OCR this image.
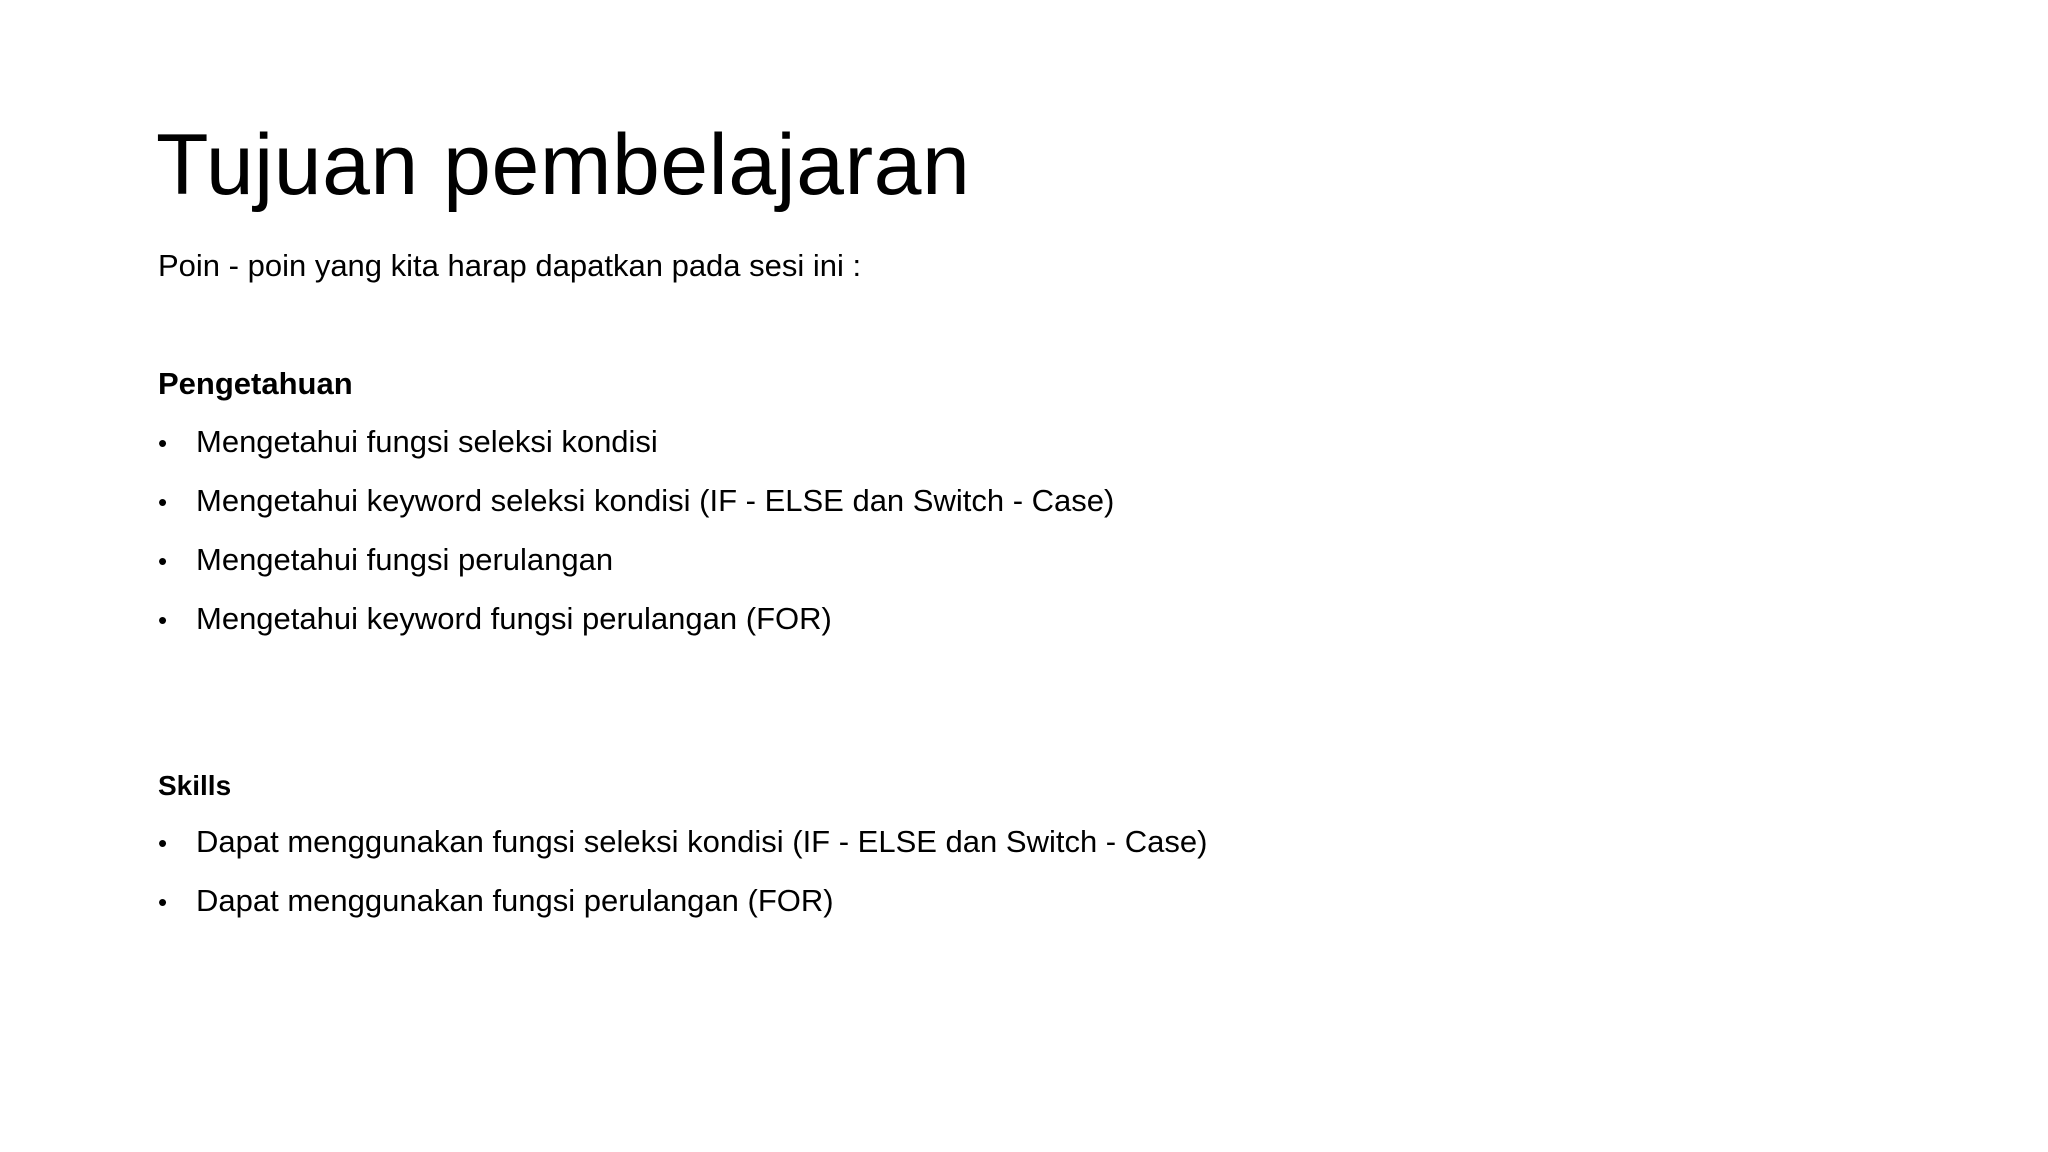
Tujuan pembelajaran
Poin - poin yang kita harap dapatkan pada sesi ini :
Pengetahuan
• Mengetahui fungsi seleksi kondisi
• Mengetahui keyword seleksi kondisi (IF - ELSE dan Switch - Case)
• Mengetahui fungsi perulangan
• Mengetahui keyword fungsi perulangan (FOR)
Skills
• Dapat menggunakan fungsi seleksi kondisi (IF - ELSE dan Switch - Case)
• Dapat menggunakan fungsi perulangan (FOR)
